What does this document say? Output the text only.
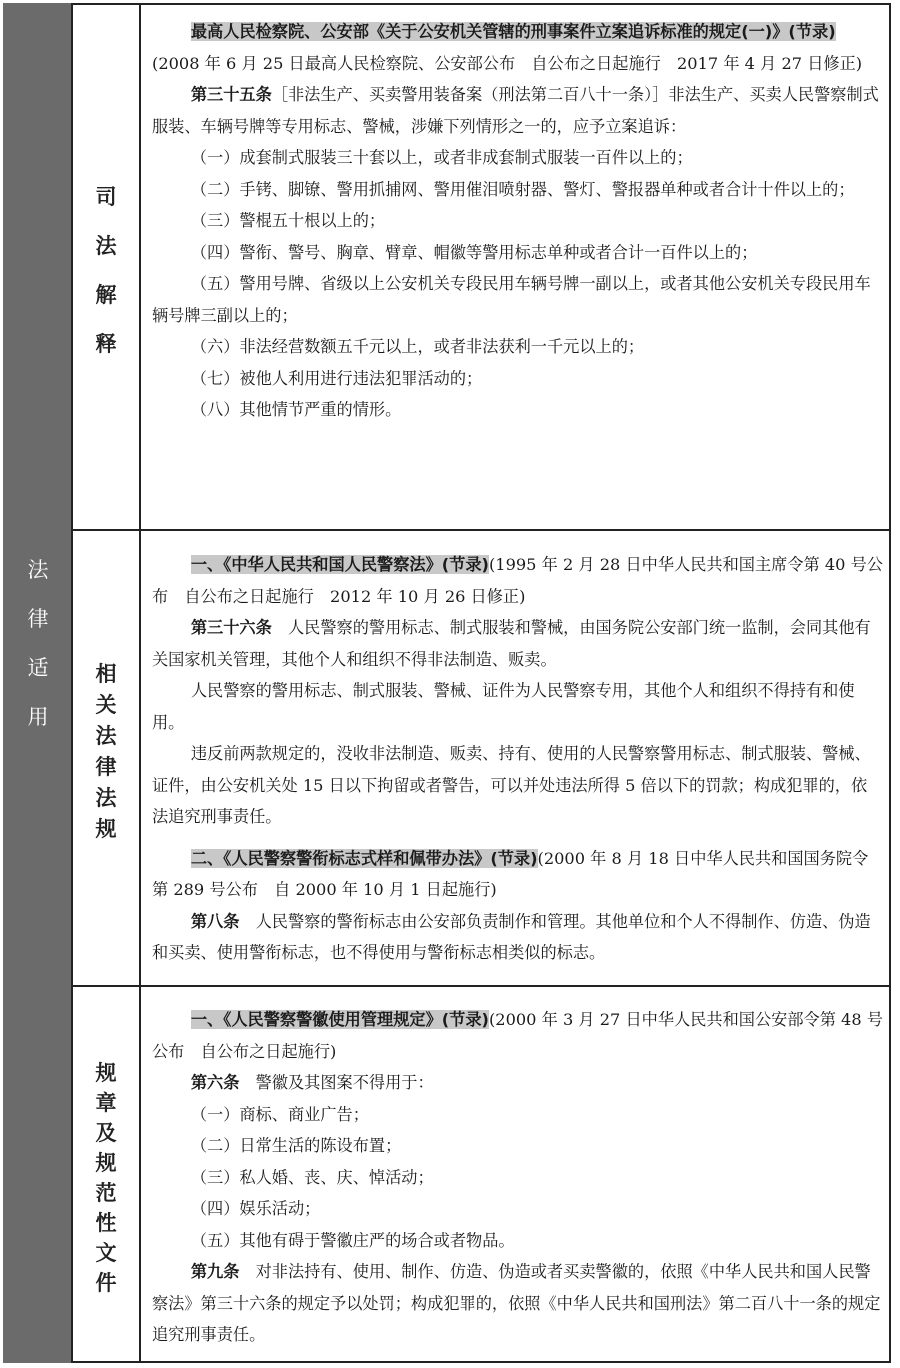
法
律
适
用
司
法
解
释
相
关
法
律
法
规
规
章
及
规
范
性
文
件

最高人民检察院、公安部《关于公安机关管辖的刑事案件立案追诉标准的规定(一)》(节录)(2008 年 6 月 25 日最高人民检察院、公安部公布　自公布之日起施行　2017 年 4 月 27 日修正)

第三十五条［非法生产、买卖警用装备案（刑法第二百八十一条）］非法生产、买卖人民警察制式服装、车辆号牌等专用标志、警械，涉嫌下列情形之一的，应予立案追诉：

（一）成套制式服装三十套以上，或者非成套制式服装一百件以上的；

（二）手铐、脚镣、警用抓捕网、警用催泪喷射器、警灯、警报器单种或者合计十件以上的；

（三）警棍五十根以上的；

（四）警衔、警号、胸章、臂章、帽徽等警用标志单种或者合计一百件以上的；

（五）警用号牌、省级以上公安机关专段民用车辆号牌一副以上，或者其他公安机关专段民用车辆号牌三副以上的；

（六）非法经营数额五千元以上，或者非法获利一千元以上的；

（七）被他人利用进行违法犯罪活动的；

（八）其他情节严重的情形。

一、《中华人民共和国人民警察法》(节录)(1995 年 2 月 28 日中华人民共和国主席令第 40 号公布　自公布之日起施行　2012 年 10 月 26 日修正)

第三十六条　 人民警察的警用标志、制式服装和警械，由国务院公安部门统一监制，会同其他有关国家机关管理，其他个人和组织不得非法制造、贩卖。

人民警察的警用标志、制式服装、警械、证件为人民警察专用，其他个人和组织不得持有和使用。

违反前两款规定的，没收非法制造、贩卖、持有、使用的人民警察警用标志、制式服装、警械、证件，由公安机关处 15 日以下拘留或者警告，可以并处违法所得 5 倍以下的罚款；构成犯罪的，依法追究刑事责任。

二、《人民警察警衔标志式样和佩带办法》(节录)(2000 年 8 月 18 日中华人民共和国国务院令第 289 号公布　自 2000 年 10 月 1 日起施行)

第八条　 人民警察的警衔标志由公安部负责制作和管理。其他单位和个人不得制作、仿造、伪造和买卖、使用警衔标志，也不得使用与警衔标志相类似的标志。

一、《人民警察警徽使用管理规定》(节录)(2000 年 3 月 27 日中华人民共和国公安部令第 48 号公布　自公布之日起施行)

第六条　 警徽及其图案不得用于：

（一）商标、商业广告；

（二）日常生活的陈设布置；

（三）私人婚、丧、庆、悼活动；

（四）娱乐活动；

（五）其他有碍于警徽庄严的场合或者物品。

第九条　 对非法持有、使用、制作、仿造、伪造或者买卖警徽的，依照《中华人民共和国人民警察法》第三十六条的规定予以处罚；构成犯罪的，依照《中华人民共和国刑法》第二百八十一条的规定追究刑事责任。
